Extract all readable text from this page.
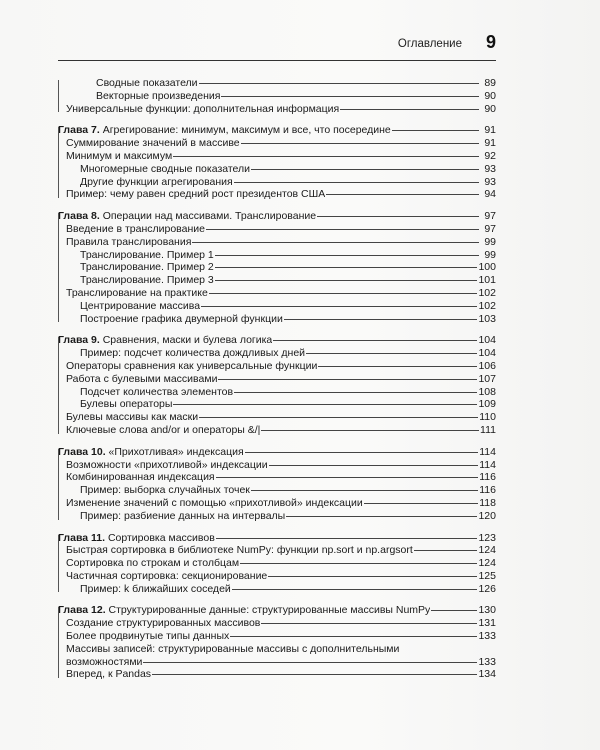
Оглавление 9
Сводные показатели	89
Векторные произведения	90
Универсальные функции: дополнительная информация	90
Глава 7. Агрегирование: минимум, максимум и все, что посередине	91
Суммирование значений в массиве	91
Минимум и максимум	92
Многомерные сводные показатели	93
Другие функции агрегирования	93
Пример: чему равен средний рост президентов США	94
Глава 8. Операции над массивами. Транслирование	97
Введение в транслирование	97
Правила транслирования	99
Транслирование. Пример 1	99
Транслирование. Пример 2	100
Транслирование. Пример 3	101
Транслирование на практике	102
Центрирование массива	102
Построение графика двумерной функции	103
Глава 9. Сравнения, маски и булева логика	104
Пример: подсчет количества дождливых дней	104
Операторы сравнения как универсальные функции	106
Работа с булевыми массивами	107
Подсчет количества элементов	108
Булевы операторы	109
Булевы массивы как маски	110
Ключевые слова and/or и операторы &/|	111
Глава 10. «Прихотливая» индексация	114
Возможности «прихотливой» индексации	114
Комбинированная индексация	116
Пример: выборка случайных точек	116
Изменение значений с помощью «прихотливой» индексации	118
Пример: разбиение данных на интервалы	120
Глава 11. Сортировка массивов	123
Быстрая сортировка в библиотеке NumPy: функции np.sort и np.argsort	124
Сортировка по строкам и столбцам	124
Частичная сортировка: секционирование	125
Пример: k ближайших соседей	126
Глава 12. Структурированные данные: структурированные массивы NumPy	130
Создание структурированных массивов	131
Более продвинутые типы данных	133
Массивы записей: структурированные массивы с дополнительными
возможностями	133
Вперед, к Pandas	134
